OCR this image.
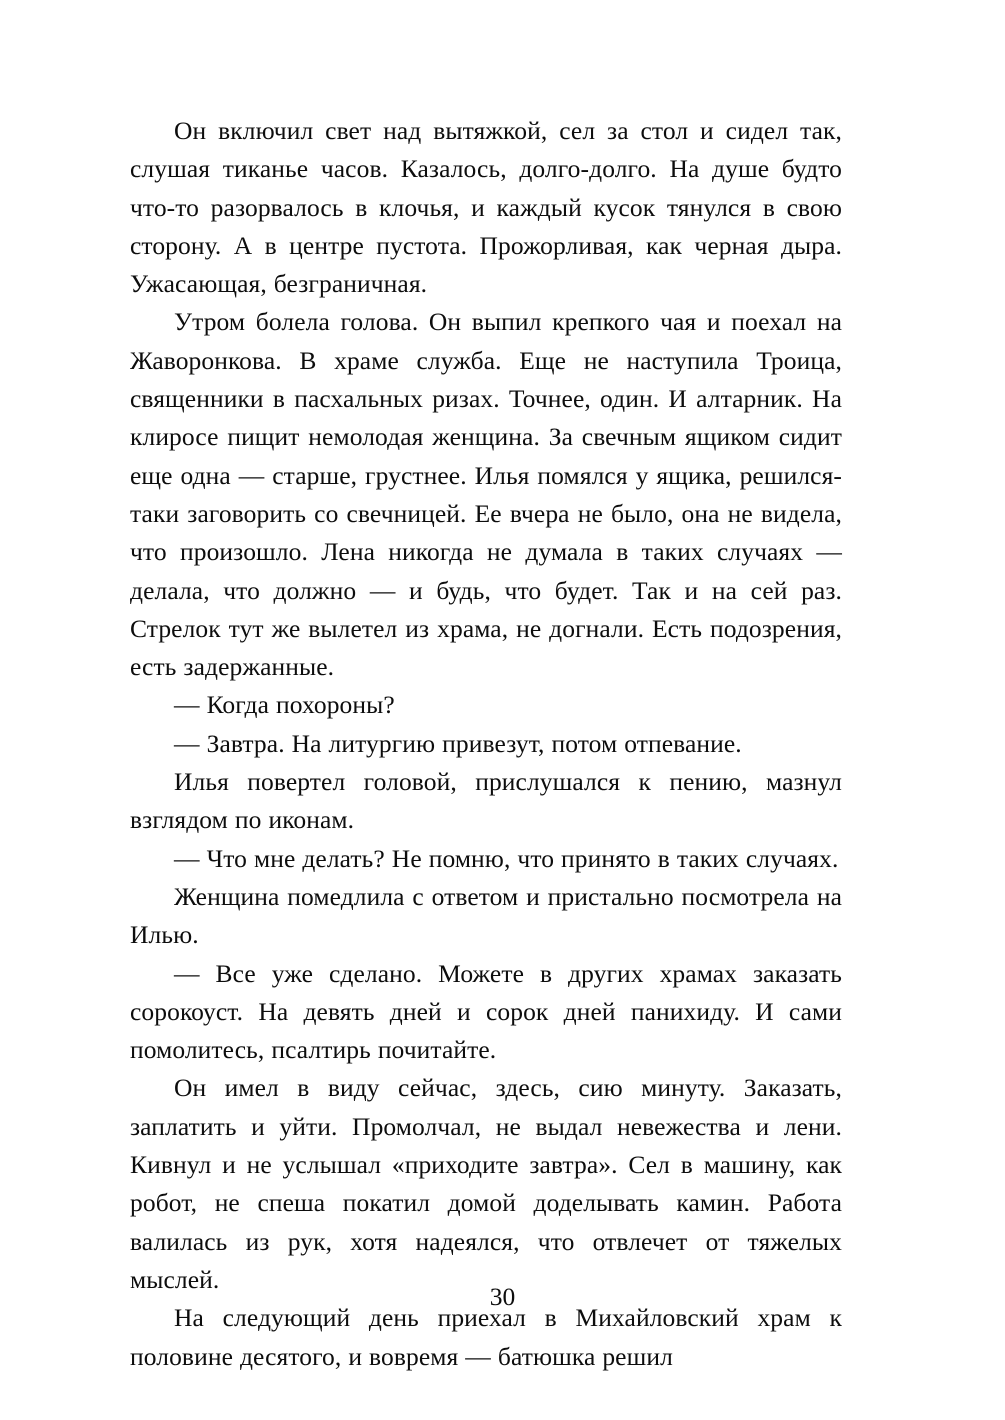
Он включил свет над вытяжкой, сел за стол и сидел так, слушая тиканье часов. Казалось, долго-долго. На душе будто что-то разорвалось в клочья, и каждый кусок тянулся в свою сторону. А в центре пустота. Прожорливая, как черная дыра. Ужасающая, безграничная.

Утром болела голова. Он выпил крепкого чая и поехал на Жаворонкова. В храме служба. Еще не наступила Троица, священники в пасхальных ризах. Точнее, один. И алтарник. На клиросе пищит немолодая женщина. За свечным ящиком сидит еще одна — старше, грустнее. Илья помялся у ящика, решился-таки заговорить со свечницей. Ее вчера не было, она не видела, что произошло. Лена никогда не думала в таких случаях — делала, что должно — и будь, что будет. Так и на сей раз. Стрелок тут же вылетел из храма, не догнали. Есть подозрения, есть задержанные.

— Когда похороны?

— Завтра. На литургию привезут, потом отпевание.

Илья повертел головой, прислушался к пению, мазнул взглядом по иконам.

— Что мне делать? Не помню, что принято в таких случаях.

Женщина помедлила с ответом и пристально посмотрела на Илью.

— Все уже сделано. Можете в других храмах заказать сорокоуст. На девять дней и сорок дней панихиду. И сами помолитесь, псалтирь почитайте.

Он имел в виду сейчас, здесь, сию минуту. Заказать, заплатить и уйти. Промолчал, не выдал невежества и лени. Кивнул и не услышал «приходите завтра». Сел в машину, как робот, не спеша покатил домой доделывать камин. Работа валилась из рук, хотя надеялся, что отвлечет от тяжелых мыслей.

На следующий день приехал в Михайловский храм к половине десятого, и вовремя — батюшка решил

30
